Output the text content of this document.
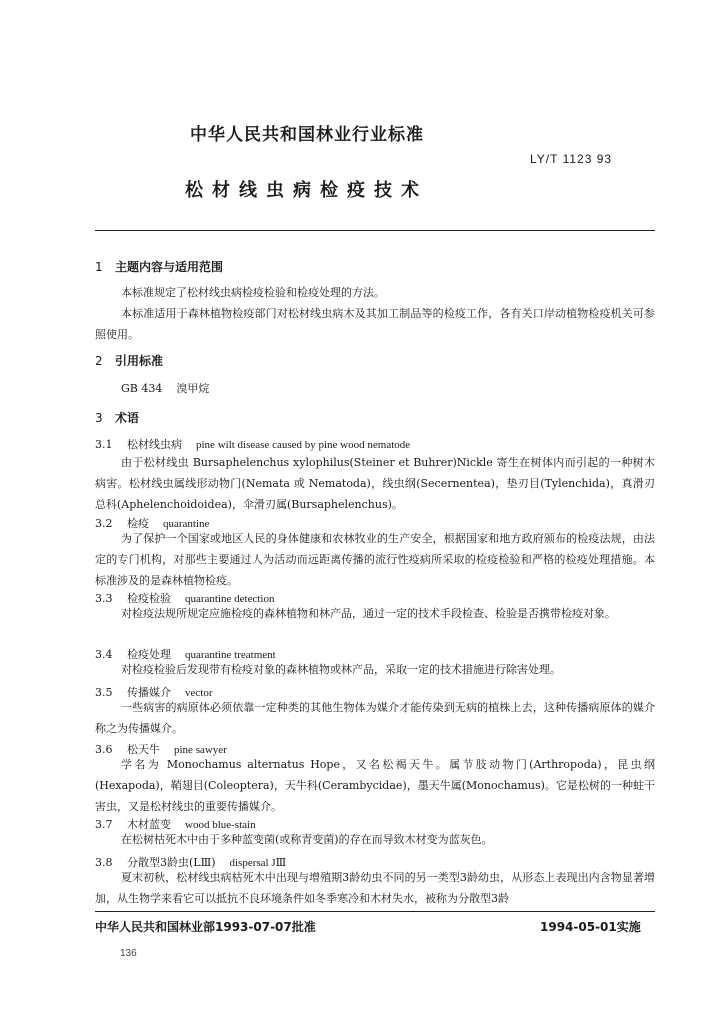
中华人民共和国林业行业标准
LY/T 1123 93
松材线虫病检疫技术
1 主题内容与适用范围
本标准规定了松材线虫病检疫检验和检疫处理的方法。
本标准适用于森林植物检疫部门对松材线虫病木及其加工制品等的检疫工作，各有关口岸动植物检疫机关可参照使用。
2 引用标准
GB 434 溴甲烷
3 术语
3.1 松材线虫病 pine wilt disease caused by pine wood nematode
由于松材线虫 Bursaphelenchus xylophilus(Steiner et Buhrer)Nickle 寄生在树体内而引起的一种树木病害。松材线虫属线形动物门(Nemata 或 Nematoda)，线虫纲(Secernentea)，垫刃目(Tylenchida)，真滑刃总科(Aphelenchoidoidea)，伞滑刃属(Bursaphelenchus)。
3.2 检疫 quarantine
为了保护一个国家或地区人民的身体健康和农林牧业的生产安全，根据国家和地方政府颁布的检疫法规，由法定的专门机构，对那些主要通过人为活动而远距离传播的流行性疫病所采取的检疫检验和严格的检疫处理措施。本标准涉及的是森林植物检疫。
3.3 检疫检验 quarantine detection
对检疫法规所规定应施检疫的森林植物和林产品，通过一定的技术手段检查、检验是否携带检疫对象。
3.4 检疫处理 quarantine treatment
对检疫检验后发现带有检疫对象的森林植物或林产品，采取一定的技术措施进行除害处理。
3.5 传播媒介 vector
一些病害的病原体必须依靠一定种类的其他生物体为媒介才能传染到无病的植株上去，这种传播病原体的媒介称之为传播媒介。
3.6 松天牛 pine sawyer
学名为 Monochamus alternatus Hope，又名松褐天牛。属节肢动物门(Arthropoda)，昆虫纲(Hexapoda)，鞘翅目(Coleoptera)，天牛科(Cerambycidae)，墨天牛属(Monochamus)。它是松树的一种蛀干害虫，又是松材线虫的重要传播媒介。
3.7 木材蓝变 wood blue-stain
在松树枯死木中由于多种蓝变菌(或称青变菌)的存在而导致木材变为蓝灰色。
3.8 分散型3龄虫(LⅢ) dispersal JⅢ
夏末初秋，松材线虫病枯死木中出现与增殖期3龄幼虫不同的另一类型3龄幼虫，从形态上表现出内含物显著增加，从生物学来看它可以抵抗不良环境条件如冬季寒冷和木材失水，被称为分散型3龄
中华人民共和国林业部1993-07-07批准	1994-05-01实施
136
